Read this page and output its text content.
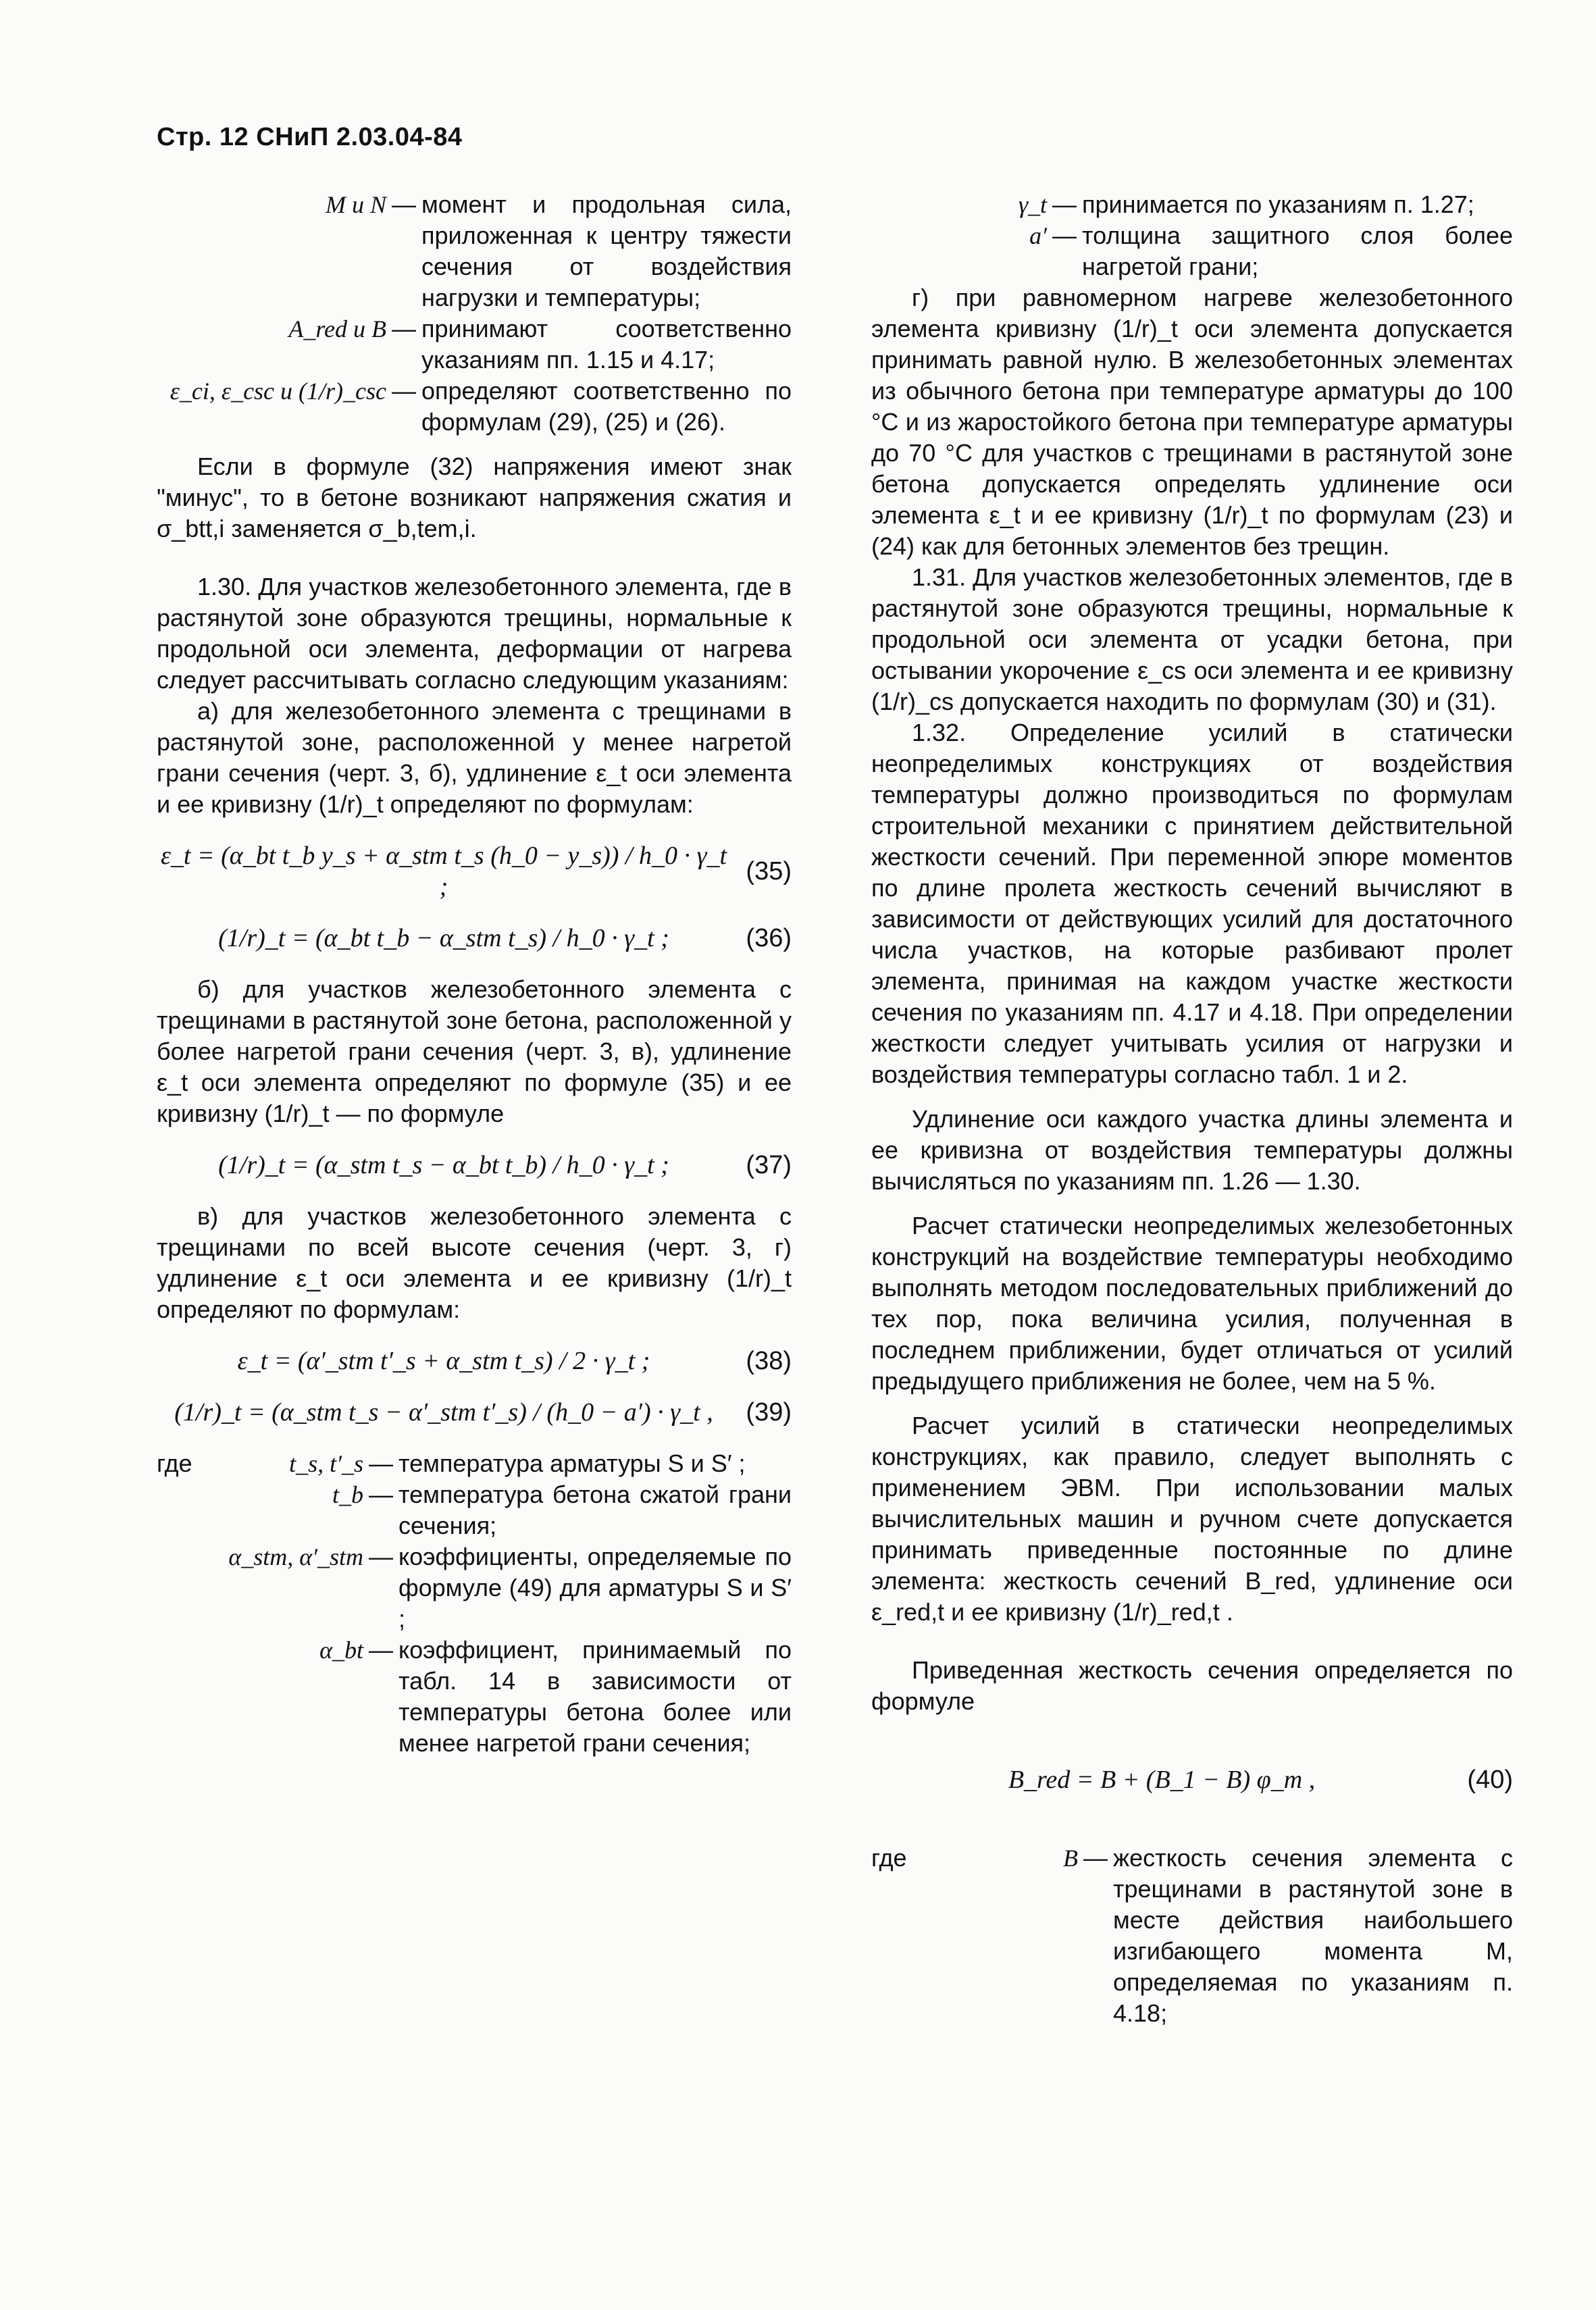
Стр. 12 СНиП 2.03.04-84
M и N — момент и продольная сила, приложенная к центру тяжести сечения от воздействия нагрузки и температуры;

A_red и B — принимают соответственно указаниям пп. 1.15 и 4.17;

ε_ci, ε_csc и (1/r)_csc — определяют соответственно по формулам (29), (25) и (26).

Если в формуле (32) напряжения имеют знак "минус", то в бетоне возникают напряжения сжатия и σ_btt,i заменяется σ_b,tem,i.

1.30. Для участков железобетонного элемента, где в растянутой зоне образуются трещины, нормальные к продольной оси элемента, деформации от нагрева следует рассчитывать согласно следующим указаниям:

а) для железобетонного элемента с трещинами в растянутой зоне, расположенной у менее нагретой грани сечения (черт. 3, б), удлинение ε_t оси элемента и ее кривизну (1/r)_t определяют по формулам:

ε_t = (α_bt t_b y_s + α_stm t_s (h_0 − y_s)) / h_0 · γ_t ;
(35)
(1/r)_t = (α_bt t_b − α_stm t_s) / h_0 · γ_t ;	(36)

б) для участков железобетонного элемента с трещинами в растянутой зоне бетона, расположенной у более нагретой грани сечения (черт. 3, в), удлинение ε_t оси элемента определяют по формуле (35) и ее кривизну (1/r)_t — по формуле

(1/r)_t = (α_stm t_s − α_bt t_b) / h_0 · γ_t ;	(37)

в) для участков железобетонного элемента с трещинами по всей высоте сечения (черт. 3, г) удлинение ε_t оси элемента и ее кривизну (1/r)_t определяют по формулам:

ε_t = (α′_stm t′_s + α_stm t_s) / 2 · γ_t ;	(38)
(1/r)_t = (α_stm t_s − α′_stm t′_s) / (h_0 − a′) · γ_t ,	(39)
где	t_s, t′_s — температура арматуры S и S′ ;

t_b — температура бетона сжатой грани сечения;

α_stm, α′_stm — коэффициенты, определяемые по формуле (49) для арматуры S и S′ ;

α_bt — коэффициент, принимаемый по табл. 14 в зависимости от температуры бетона более или менее нагретой грани сечения;

γ_t — принимается по указаниям п. 1.27;

a′ — толщина защитного слоя более нагретой грани;

г) при равномерном нагреве железобетонного элемента кривизну (1/r)_t оси элемента допускается принимать равной нулю. В железобетонных элементах из обычного бетона при температуре арматуры до 100 °С и из жаростойкого бетона при температуре арматуры до 70 °С для участков с трещинами в растянутой зоне бетона допускается определять удлинение оси элемента ε_t и ее кривизну (1/r)_t по формулам (23) и (24) как для бетонных элементов без трещин.

1.31. Для участков железобетонных элементов, где в растянутой зоне образуются трещины, нормальные к продольной оси элемента от усадки бетона, при остывании укорочение ε_cs оси элемента и ее кривизну (1/r)_cs допускается находить по формулам (30) и (31).

1.32. Определение усилий в статически неопределимых конструкциях от воздействия температуры должно производиться по формулам строительной механики с принятием действительной жесткости сечений. При переменной эпюре моментов по длине пролета жесткость сечений вычисляют в зависимости от действующих усилий для достаточного числа участков, на которые разбивают пролет элемента, принимая на каждом участке жесткости сечения по указаниям пп. 4.17 и 4.18. При определении жесткости следует учитывать усилия от нагрузки и воздействия температуры согласно табл. 1 и 2.

Удлинение оси каждого участка длины элемента и ее кривизна от воздействия температуры должны вычисляться по указаниям пп. 1.26 — 1.30.

Расчет статически неопределимых железобетонных конструкций на воздействие температуры необходимо выполнять методом последовательных приближений до тех пор, пока величина усилия, полученная в последнем приближении, будет отличаться от усилий предыдущего приближения не более, чем на 5 %.

Расчет усилий в статически неопределимых конструкциях, как правило, следует выполнять с применением ЭВМ. При использовании малых вычислительных машин и ручном счете допускается принимать приведенные постоянные по длине элемента: жесткость сечений B_red, удлинение оси ε_red,t и ее кривизну (1/r)_red,t .

Приведенная жесткость сечения определяется по формуле

B_red = B + (B_1 − B) φ_m ,	(40)
где	B — жесткость сечения элемента с трещинами в растянутой зоне в месте действия наибольшего изгибающего момента M, определяемая по указаниям п. 4.18;
